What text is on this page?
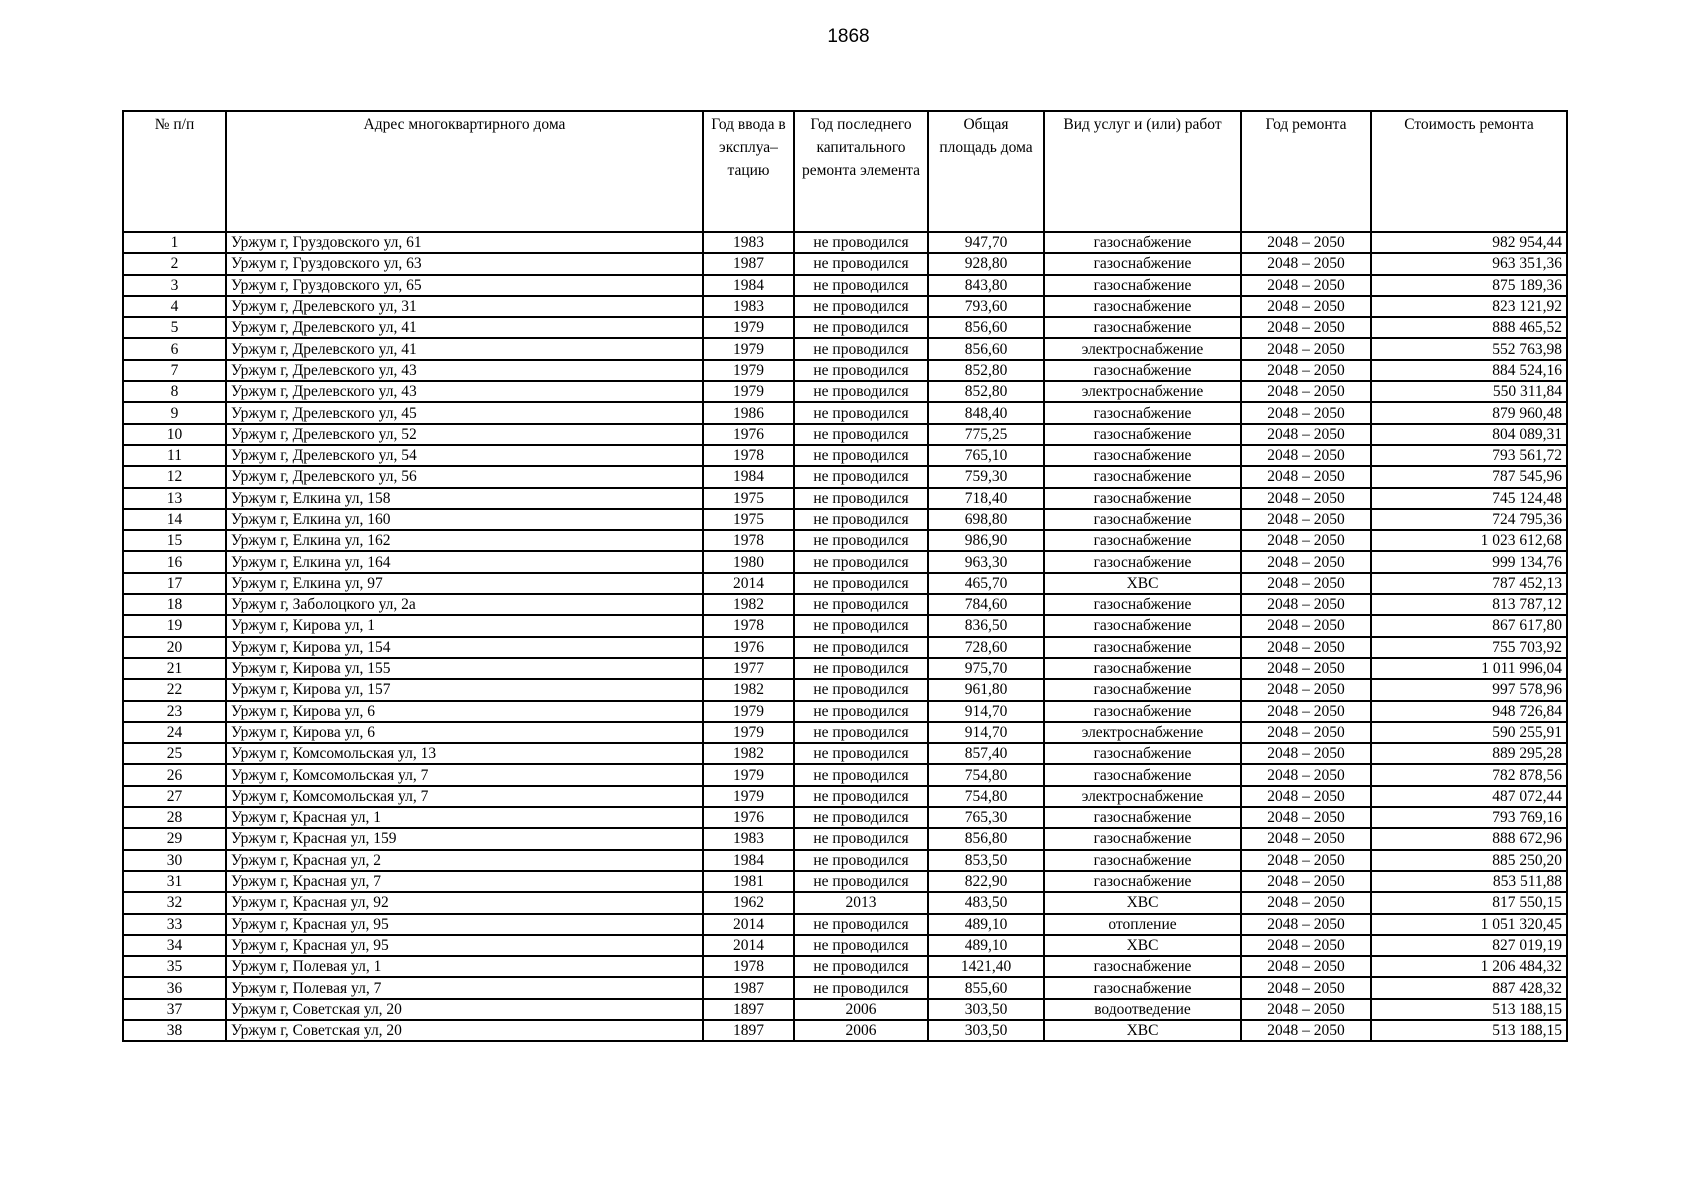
1868
№ п/п	Адрес многоквартирного дома	Год ввода в эксплуа–тацию	Год последнего капитального ремонта элемента	Общая площадь дома	Вид услуг и (или) работ	Год ремонта	Стоимость ремонта
1	Уржум г, Груздовского ул, 61	1983	не проводился	947,70	газоснабжение	2048 – 2050	982 954,44
2	Уржум г, Груздовского ул, 63	1987	не проводился	928,80	газоснабжение	2048 – 2050	963 351,36
3	Уржум г, Груздовского ул, 65	1984	не проводился	843,80	газоснабжение	2048 – 2050	875 189,36
4	Уржум г, Дрелевского ул, 31	1983	не проводился	793,60	газоснабжение	2048 – 2050	823 121,92
5	Уржум г, Дрелевского ул, 41	1979	не проводился	856,60	газоснабжение	2048 – 2050	888 465,52
6	Уржум г, Дрелевского ул, 41	1979	не проводился	856,60	электроснабжение	2048 – 2050	552 763,98
7	Уржум г, Дрелевского ул, 43	1979	не проводился	852,80	газоснабжение	2048 – 2050	884 524,16
8	Уржум г, Дрелевского ул, 43	1979	не проводился	852,80	электроснабжение	2048 – 2050	550 311,84
9	Уржум г, Дрелевского ул, 45	1986	не проводился	848,40	газоснабжение	2048 – 2050	879 960,48
10	Уржум г, Дрелевского ул, 52	1976	не проводился	775,25	газоснабжение	2048 – 2050	804 089,31
11	Уржум г, Дрелевского ул, 54	1978	не проводился	765,10	газоснабжение	2048 – 2050	793 561,72
12	Уржум г, Дрелевского ул, 56	1984	не проводился	759,30	газоснабжение	2048 – 2050	787 545,96
13	Уржум г, Елкина ул, 158	1975	не проводился	718,40	газоснабжение	2048 – 2050	745 124,48
14	Уржум г, Елкина ул, 160	1975	не проводился	698,80	газоснабжение	2048 – 2050	724 795,36
15	Уржум г, Елкина ул, 162	1978	не проводился	986,90	газоснабжение	2048 – 2050	1 023 612,68
16	Уржум г, Елкина ул, 164	1980	не проводился	963,30	газоснабжение	2048 – 2050	999 134,76
17	Уржум г, Елкина ул, 97	2014	не проводился	465,70	ХВС	2048 – 2050	787 452,13
18	Уржум г, Заболоцкого ул, 2а	1982	не проводился	784,60	газоснабжение	2048 – 2050	813 787,12
19	Уржум г, Кирова ул, 1	1978	не проводился	836,50	газоснабжение	2048 – 2050	867 617,80
20	Уржум г, Кирова ул, 154	1976	не проводился	728,60	газоснабжение	2048 – 2050	755 703,92
21	Уржум г, Кирова ул, 155	1977	не проводился	975,70	газоснабжение	2048 – 2050	1 011 996,04
22	Уржум г, Кирова ул, 157	1982	не проводился	961,80	газоснабжение	2048 – 2050	997 578,96
23	Уржум г, Кирова ул, 6	1979	не проводился	914,70	газоснабжение	2048 – 2050	948 726,84
24	Уржум г, Кирова ул, 6	1979	не проводился	914,70	электроснабжение	2048 – 2050	590 255,91
25	Уржум г, Комсомольская ул, 13	1982	не проводился	857,40	газоснабжение	2048 – 2050	889 295,28
26	Уржум г, Комсомольская ул, 7	1979	не проводился	754,80	газоснабжение	2048 – 2050	782 878,56
27	Уржум г, Комсомольская ул, 7	1979	не проводился	754,80	электроснабжение	2048 – 2050	487 072,44
28	Уржум г, Красная ул, 1	1976	не проводился	765,30	газоснабжение	2048 – 2050	793 769,16
29	Уржум г, Красная ул, 159	1983	не проводился	856,80	газоснабжение	2048 – 2050	888 672,96
30	Уржум г, Красная ул, 2	1984	не проводился	853,50	газоснабжение	2048 – 2050	885 250,20
31	Уржум г, Красная ул, 7	1981	не проводился	822,90	газоснабжение	2048 – 2050	853 511,88
32	Уржум г, Красная ул, 92	1962	2013	483,50	ХВС	2048 – 2050	817 550,15
33	Уржум г, Красная ул, 95	2014	не проводился	489,10	отопление	2048 – 2050	1 051 320,45
34	Уржум г, Красная ул, 95	2014	не проводился	489,10	ХВС	2048 – 2050	827 019,19
35	Уржум г, Полевая ул, 1	1978	не проводился	1421,40	газоснабжение	2048 – 2050	1 206 484,32
36	Уржум г, Полевая ул, 7	1987	не проводился	855,60	газоснабжение	2048 – 2050	887 428,32
37	Уржум г, Советская ул, 20	1897	2006	303,50	водоотведение	2048 – 2050	513 188,15
38	Уржум г, Советская ул, 20	1897	2006	303,50	ХВС	2048 – 2050	513 188,15
